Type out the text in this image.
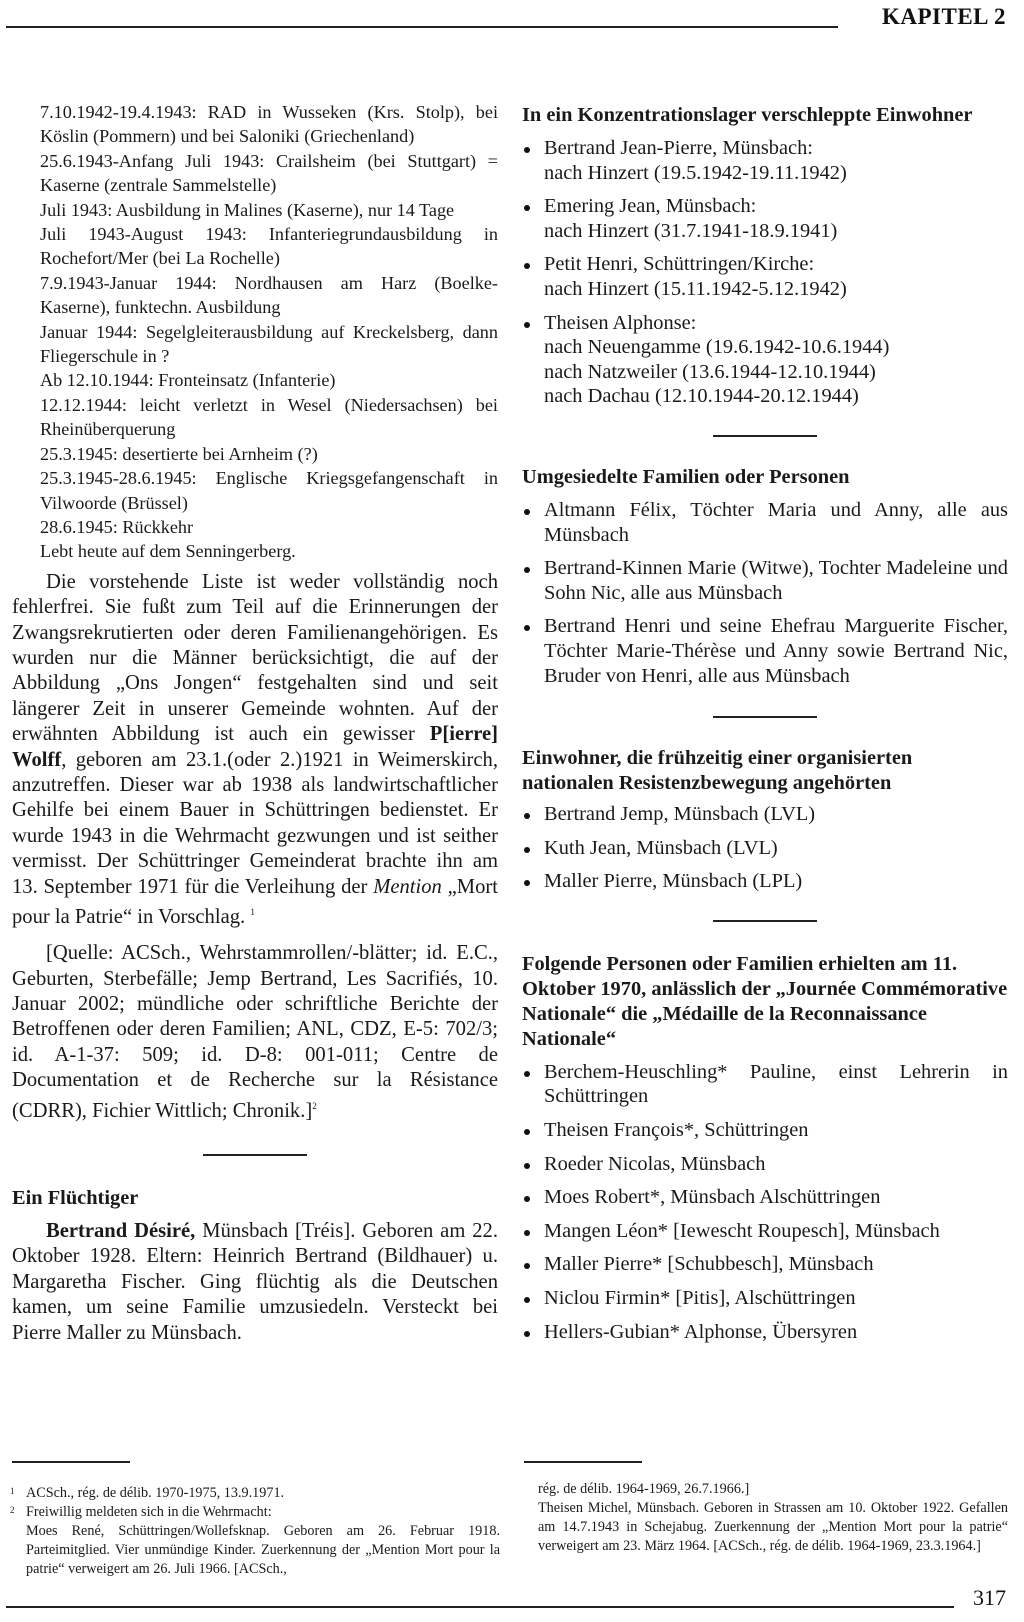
KAPITEL 2
7.10.1942-19.4.1943: RAD in Wusseken (Krs. Stolp), bei Köslin (Pommern) und bei Saloniki (Griechenland)
25.6.1943-Anfang Juli 1943: Crailsheim (bei Stuttgart) = Kaserne (zentrale Sammelstelle)
Juli 1943: Ausbildung in Malines (Kaserne), nur 14 Tage
Juli 1943-August 1943: Infanteriegrundausbildung in Rochefort/Mer (bei La Rochelle)
7.9.1943-Januar 1944: Nordhausen am Harz (Boelke-Kaserne), funktechn. Ausbildung
Januar 1944: Segelgleiterausbildung auf Kreckelsberg, dann Fliegerschule in ?
Ab 12.10.1944: Fronteinsatz (Infanterie)
12.12.1944: leicht verletzt in Wesel (Niedersachsen) bei Rheinüberquerung
25.3.1945: desertierte bei Arnheim (?)
25.3.1945-28.6.1945: Englische Kriegsgefangenschaft in Vilwoorde (Brüssel)
28.6.1945: Rückkehr
Lebt heute auf dem Senningerberg.

Die vorstehende Liste ist weder vollständig noch fehlerfrei. Sie fußt zum Teil auf die Erinnerungen der Zwangsrekrutierten oder deren Familienangehörigen. Es wurden nur die Männer berücksichtigt, die auf der Abbildung „Ons Jongen“ festgehalten sind und seit längerer Zeit in unserer Gemeinde wohnten. Auf der erwähnten Abbildung ist auch ein gewisser P[ierre] Wolff, geboren am 23.1.(oder 2.)1921 in Weimerskirch, anzutreffen. Dieser war ab 1938 als landwirtschaftlicher Gehilfe bei einem Bauer in Schüttringen bedienstet. Er wurde 1943 in die Wehrmacht gezwungen und ist seither vermisst. Der Schüttringer Gemeinderat brachte ihn am 13. September 1971 für die Verleihung der Mention „Mort pour la Patrie“ in Vorschlag. $^1$

[Quelle: ACSch., Wehrstammrollen/-blätter; id. E.C., Geburten, Sterbefälle; Jemp Bertrand, Les Sacrifiés, 10. Januar 2002; mündliche oder schriftliche Berichte der Betroffenen oder deren Familien; ANL, CDZ, E-5: 702/3; id. A-1-37: 509; id. D-8: 001-011; Centre de Documentation et de Recherche sur la Résistance (CDRR), Fichier Wittlich; Chronik.]$^2$

Ein Flüchtiger

Bertrand Désiré, Münsbach [Tréis]. Geboren am 22. Oktober 1928. Eltern: Heinrich Bertrand (Bildhauer) u. Margaretha Fischer. Ging flüchtig als die Deutschen kamen, um seine Familie umzusiedeln. Versteckt bei Pierre Maller zu Münsbach.

In ein Konzentrationslager verschleppte Einwohner
Bertrand Jean-Pierre, Münsbach:
nach Hinzert (19.5.1942-19.11.1942)
Emering Jean, Münsbach:
nach Hinzert (31.7.1941-18.9.1941)
Petit Henri, Schüttringen/Kirche:
nach Hinzert (15.11.1942-5.12.1942)
Theisen Alphonse:
nach Neuengamme (19.6.1942-10.6.1944)
nach Natzweiler (13.6.1944-12.10.1944)
nach Dachau (12.10.1944-20.12.1944)
Umgesiedelte Familien oder Personen
Altmann Félix, Töchter Maria und Anny, alle aus Münsbach
Bertrand-Kinnen Marie (Witwe), Tochter Madeleine und Sohn Nic, alle aus Münsbach
Bertrand Henri und seine Ehefrau Marguerite Fischer, Töchter Marie-Thérèse und Anny sowie Bertrand Nic, Bruder von Henri, alle aus Münsbach
Einwohner, die frühzeitig einer organisierten nationalen Resistenzbewegung angehörten
Bertrand Jemp, Münsbach (LVL)
Kuth Jean, Münsbach (LVL)
Maller Pierre, Münsbach (LPL)
Folgende Personen oder Familien erhielten am 11. Oktober 1970, anlässlich der „Journée Commémorative Nationale“ die „Médaille de la Reconnaissance Nationale“
Berchem-Heuschling* Pauline, einst Lehrerin in Schüttringen
Theisen François*, Schüttringen
Roeder Nicolas, Münsbach
Moes Robert*, Münsbach Alschüttringen
Mangen Léon* [Iewescht Roupesch], Münsbach
Maller Pierre* [Schubbesch], Münsbach
Niclou Firmin* [Pitis], Alschüttringen
Hellers-Gubian* Alphonse, Übersyren
1 ACSch., rég. de délib. 1970-1975, 13.9.1971.
2 Freiwillig meldeten sich in die Wehrmacht:
Moes René, Schüttringen/Wollefsknap. Geboren am 26. Februar 1918. Parteimitglied. Vier unmündige Kinder. Zuerkennung der „Mention Mort pour la patrie“ verweigert am 26. Juli 1966. [ACSch.,
rég. de délib. 1964-1969, 26.7.1966.]
Theisen Michel, Münsbach. Geboren in Strassen am 10. Oktober 1922. Gefallen am 14.7.1943 in Schejabug. Zuerkennung der „Mention Mort pour la patrie“ verweigert am 23. März 1964. [ACSch., rég. de délib. 1964-1969, 23.3.1964.]
317
